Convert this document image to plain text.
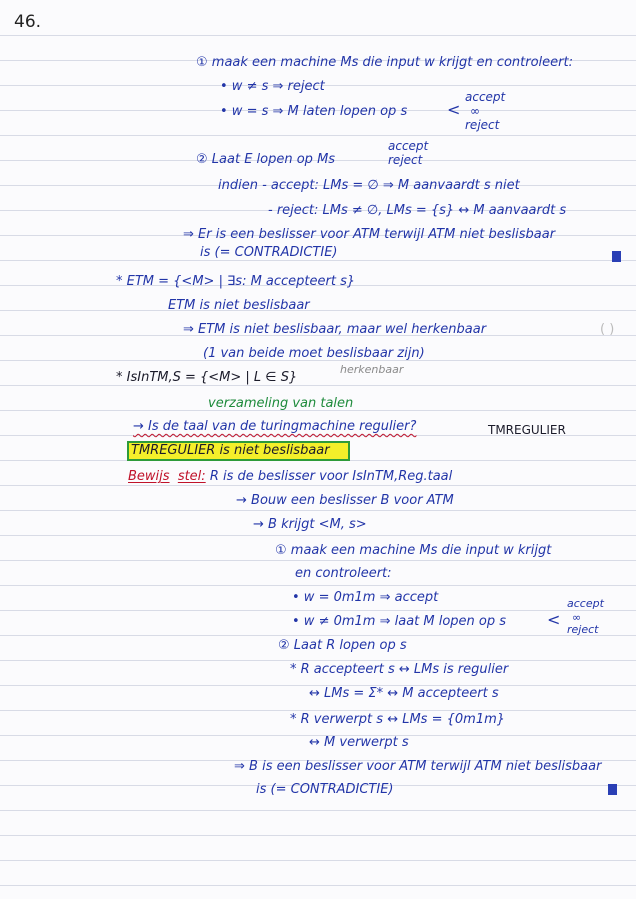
46.
① maak een machine Ms die input w krijgt en controleert:
• w ≠ s ⇒ reject
• w = s ⇒ M laten lopen op s <
accept
∞
reject
accept
② Laat E lopen op Ms	reject
indien - accept: LMs = ∅ ⇒ M aanvaardt s niet
- reject: LMs ≠ ∅, LMs = {s} ↔ M aanvaardt s
⇒ Er is een beslisser voor ATM terwijl ATM niet beslisbaar
is (= CONTRADICTIE)
* ETM = {<M> | ∃s: M accepteert s}
ETM is niet beslisbaar
⇒ ETM is niet beslisbaar, maar wel herkenbaar	( )
(1 van beide moet beslisbaar zijn)
* IsInTM,S = {<M> | L ∈ S}
herkenbaar
verzameling van talen
→ Is de taal van de turingmachine regulier?	TMREGULIER
TMREGULIER is niet beslisbaar
Bewijs stel: R is de beslisser voor IsInTM,Reg.taal
→ Bouw een beslisser B voor ATM
→ B krijgt <M, s>
① maak een machine Ms die input w krijgt
en controleert:
• w = 0m1m ⇒ accept
• w ≠ 0m1m ⇒ laat M lopen op s	<
accept
∞
reject
② Laat R lopen op s
* R accepteert s ↔ LMs is regulier
↔ LMs = Σ* ↔ M accepteert s
* R verwerpt s ↔ LMs = {0m1m}
↔ M verwerpt s
⇒ B is een beslisser voor ATM terwijl ATM niet beslisbaar
is (= CONTRADICTIE)
